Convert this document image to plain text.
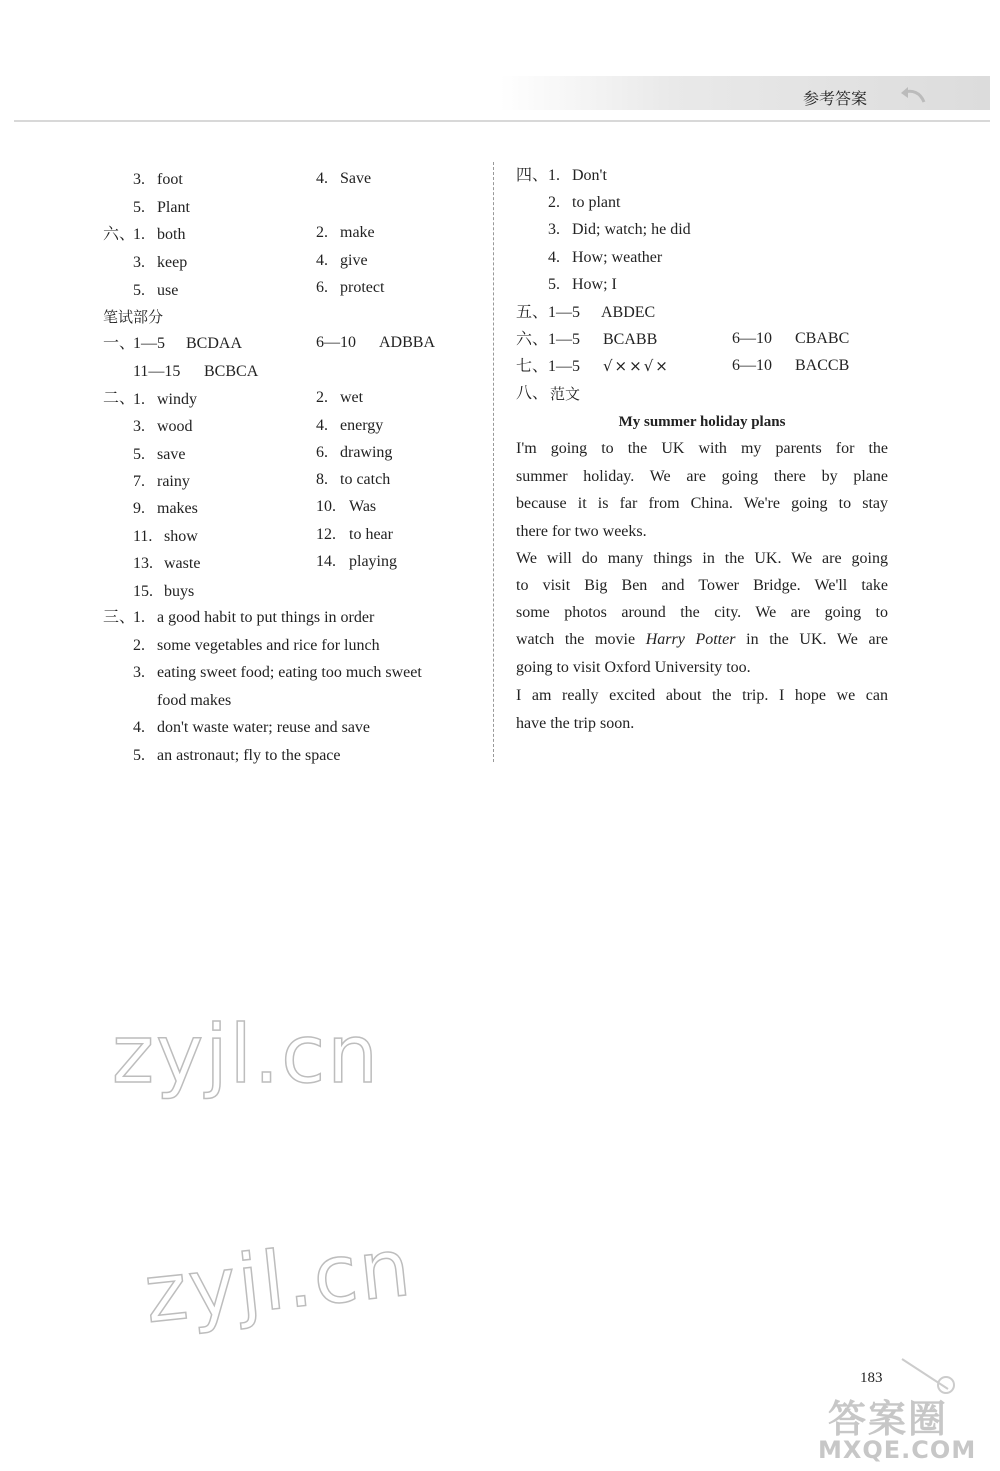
参考答案
3. foot	4. Save
5. Plant
六、
1. both	2. make
3. keep	4. give
5. use	6. protect
笔试部分
一、
1—5 BCDAA	6—10 ADBBA
11—15 BCBCA
二、
1. windy	2. wet
3. wood	4. energy
5. save	6. drawing
7. rainy	8. to catch
9. makes	10. Was
11. show	12. to hear
13. waste	14. playing
15. buys
三、
1. a good habit to put things in order
2. some vegetables and rice for lunch
3. eating sweet food; eating too much sweet
food makes
4. don't waste water; reuse and save
5. an astronaut; fly to the space
四、 1. Don't
2. to plant
3. Did; watch; he did
4. How; weather
5. How; I
五、 1—5 ABDEC
六、 1—5 BCABB	6—10 CBABC
七、 1—5 √××√×	6—10 BACCB
八、 范文
My summer holiday plans
I'm going to the UK with my parents for the
summer holiday. We are going there by plane
because it is far from China. We're going to stay
there for two weeks.
We will do many things in the UK. We are going
to visit Big Ben and Tower Bridge. We'll take
some photos around the city. We are going to
watch the movie Harry Potter in the UK. We are
going to visit Oxford University too.
I am really excited about the trip. I hope we can
have the trip soon.
zyjl.cn
zyjl.cn
183
答案圈
MXQE.COM
